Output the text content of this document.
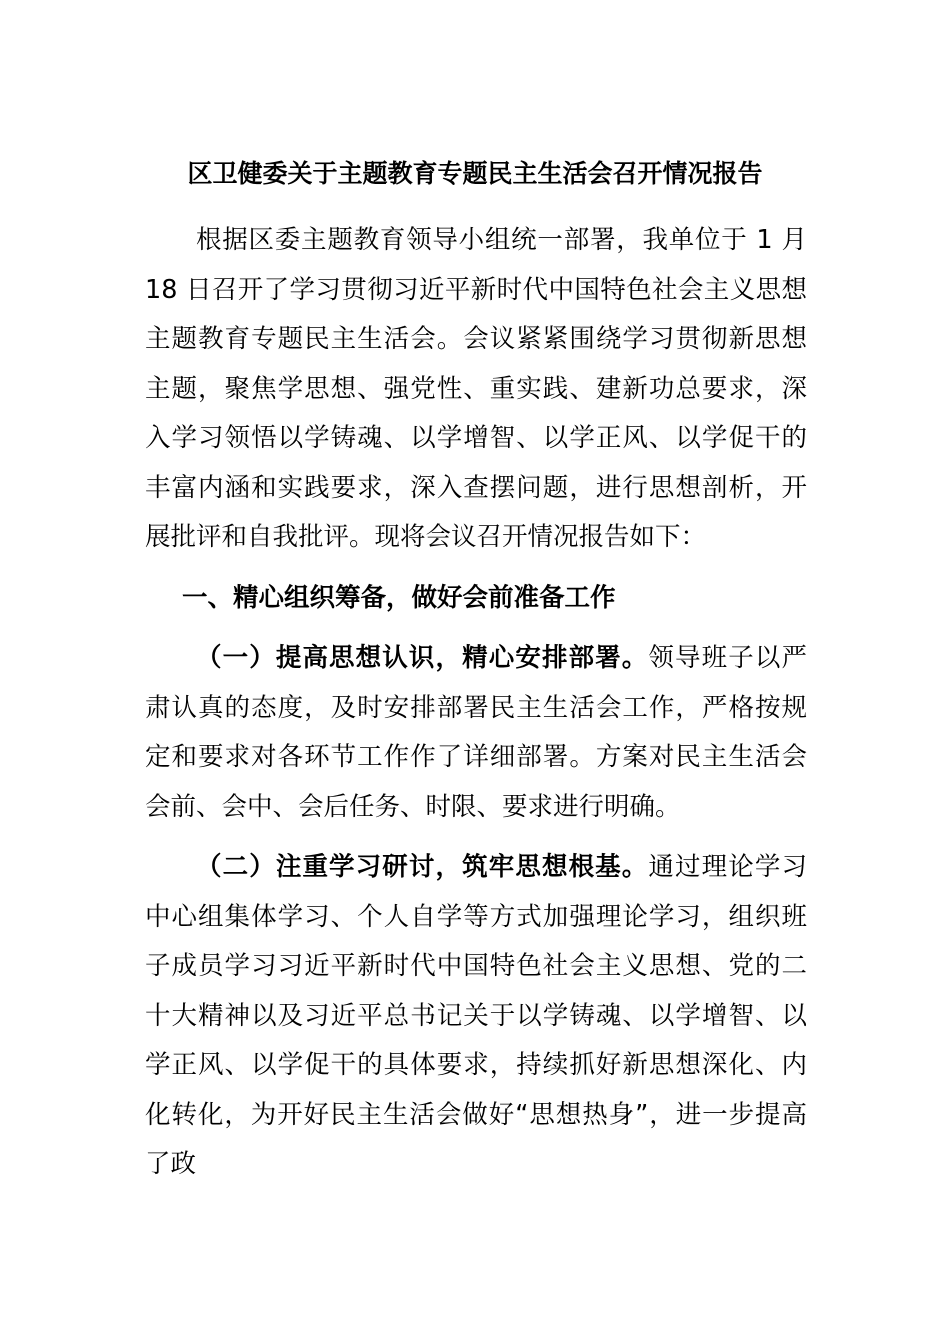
区卫健委关于主题教育专题民主生活会召开情况报告

根据区委主题教育领导小组统一部署，我单位于 1 月 18 日召开了学习贯彻习近平新时代中国特色社会主义思想主题教育专题民主生活会。会议紧紧围绕学习贯彻新思想主题，聚焦学思想、强党性、重实践、建新功总要求，深入学习领悟以学铸魂、以学增智、以学正风、以学促干的丰富内涵和实践要求，深入查摆问题，进行思想剖析，开展批评和自我批评。现将会议召开情况报告如下：

一、精心组织筹备，做好会前准备工作

（一）提高思想认识，精心安排部署。领导班子以严肃认真的态度，及时安排部署民主生活会工作，严格按规定和要求对各环节工作作了详细部署。方案对民主生活会会前、会中、会后任务、时限、要求进行明确。

（二）注重学习研讨，筑牢思想根基。通过理论学习中心组集体学习、个人自学等方式加强理论学习，组织班子成员学习习近平新时代中国特色社会主义思想、党的二十大精神以及习近平总书记关于以学铸魂、以学增智、以学正风、以学促干的具体要求，持续抓好新思想深化、内化转化，为开好民主生活会做好“思想热身”，进一步提高了政
